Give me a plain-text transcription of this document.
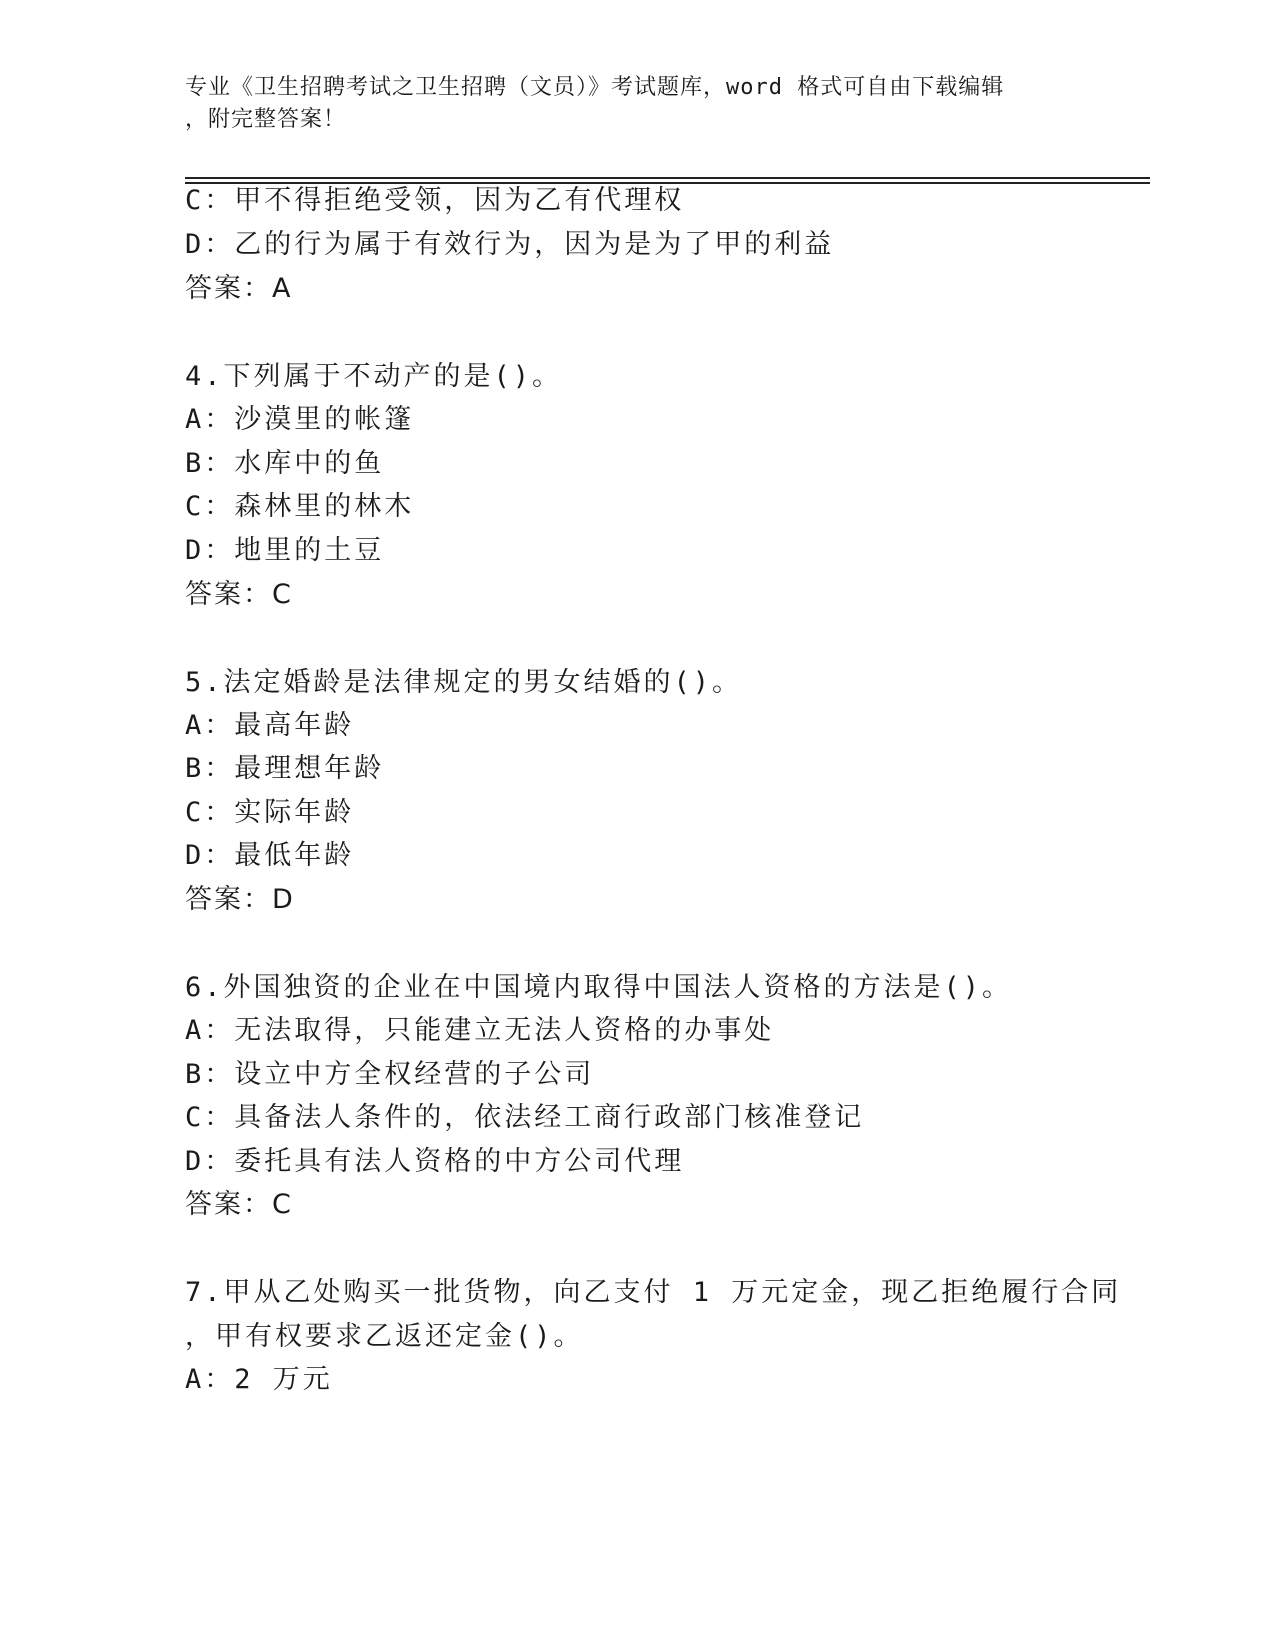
专业《卫生招聘考试之卫生招聘（文员）》考试题库，word 格式可自由下载编辑
，附完整答案！
C：甲不得拒绝受领，因为乙有代理权
D：乙的行为属于有效行为，因为是为了甲的利益
答案：A
4.下列属于不动产的是()。
A：沙漠里的帐篷
B：水库中的鱼
C：森林里的林木
D：地里的土豆
答案：C
5.法定婚龄是法律规定的男女结婚的()。
A：最高年龄
B：最理想年龄
C：实际年龄
D：最低年龄
答案：D
6.外国独资的企业在中国境内取得中国法人资格的方法是()。
A：无法取得，只能建立无法人资格的办事处
B：设立中方全权经营的子公司
C：具备法人条件的，依法经工商行政部门核准登记
D：委托具有法人资格的中方公司代理
答案：C
7.甲从乙处购买一批货物，向乙支付 1 万元定金，现乙拒绝履行合同
，甲有权要求乙返还定金()。
A：2 万元
